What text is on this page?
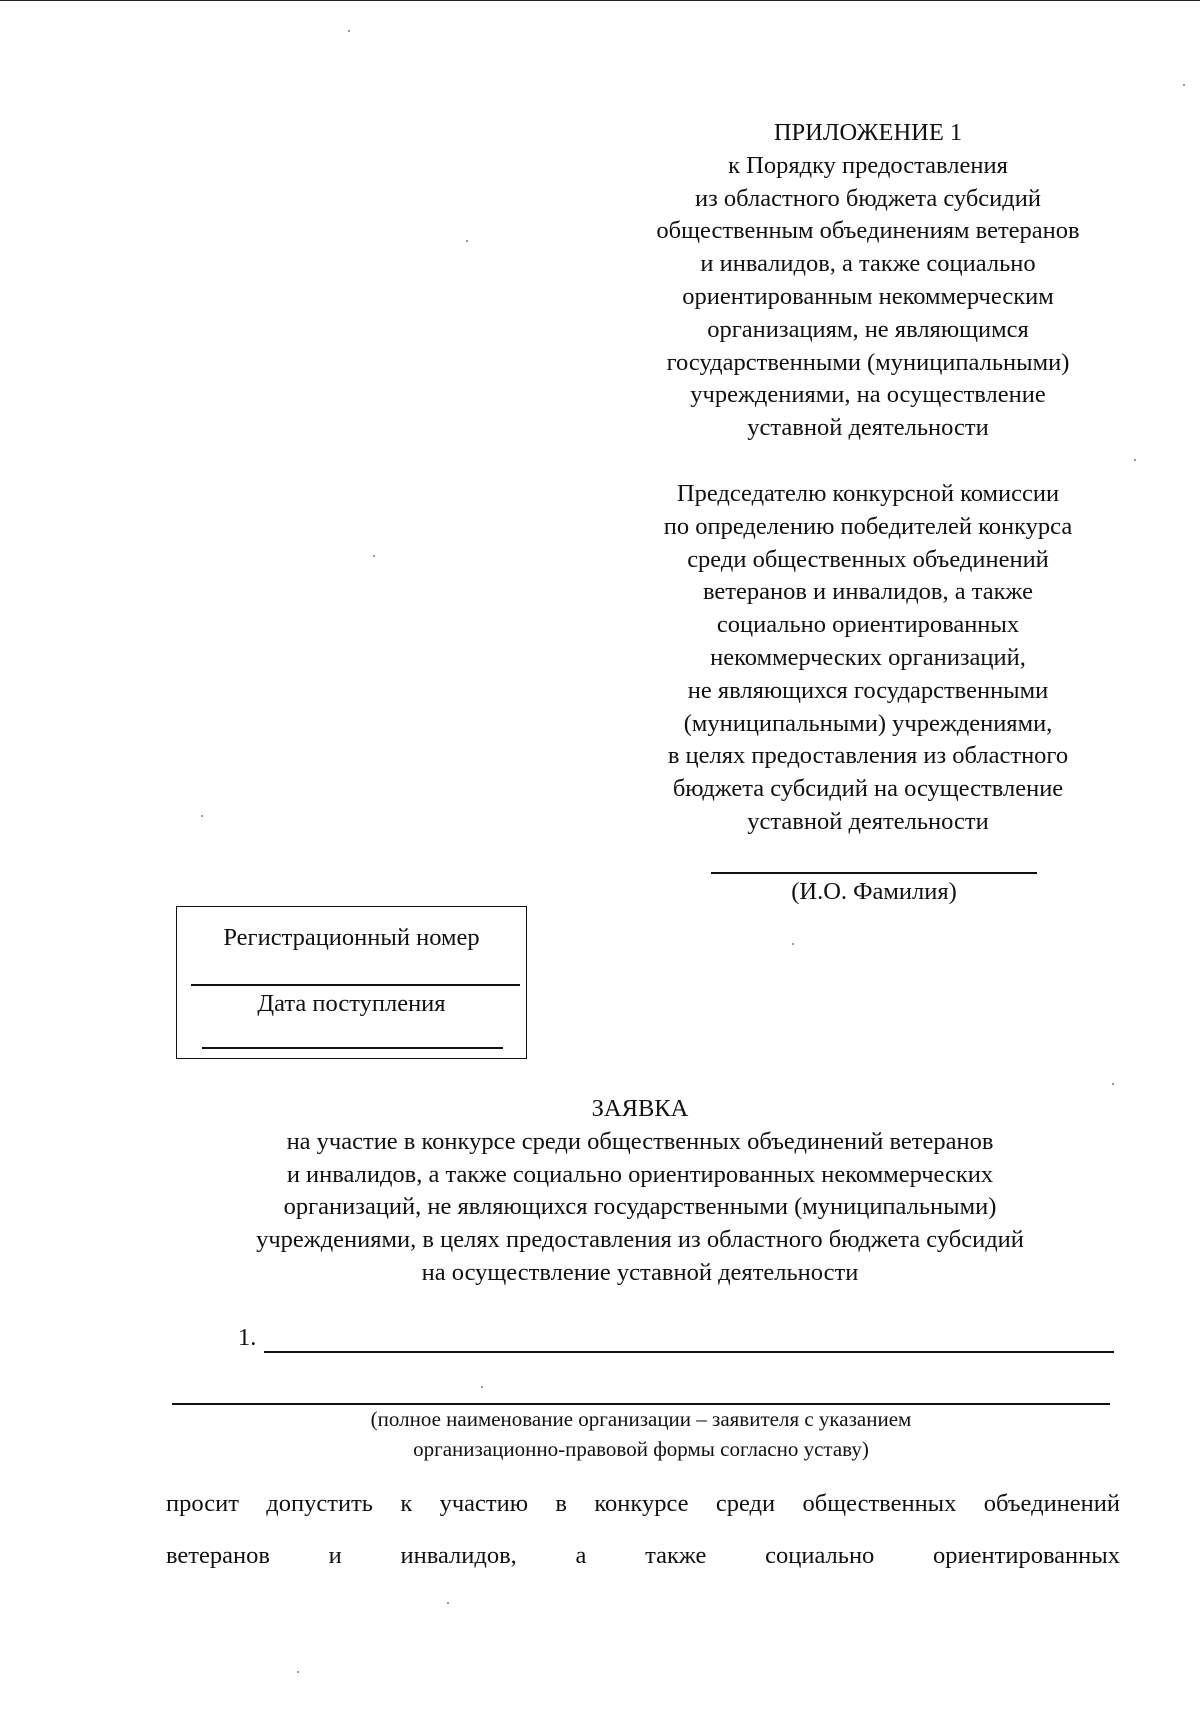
ПРИЛОЖЕНИЕ 1
к Порядку предоставления
из областного бюджета субсидий
общественным объединениям ветеранов
и инвалидов, а также социально
ориентированным некоммерческим
организациям, не являющимся
государственными (муниципальными)
учреждениями, на осуществление
уставной деятельности
Председателю конкурсной комиссии
по определению победителей конкурса
среди общественных объединений
ветеранов и инвалидов, а также
социально ориентированных
некоммерческих организаций,
не являющихся государственными
(муниципальными) учреждениями,
в целях предоставления из областного
бюджета субсидий на осуществление
уставной деятельности
(И.О. Фамилия)
Регистрационный номер
Дата поступления
ЗАЯВКА
на участие в конкурсе среди общественных объединений ветеранов
и инвалидов, а также социально ориентированных некоммерческих
организаций, не являющихся государственными (муниципальными)
учреждениями, в целях предоставления из областного бюджета субсидий
на осуществление уставной деятельности
1.
(полное наименование организации – заявителя с указанием
организационно-правовой формы согласно уставу)
просит допустить к участию в конкурсе среди общественных объединений
ветеранов и инвалидов, а также социально ориентированных
